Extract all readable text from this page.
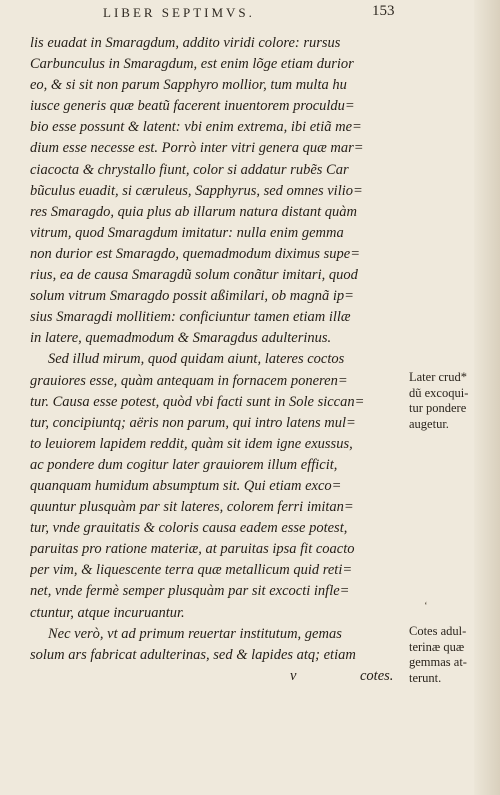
LIBER SEPTIMVS.	153
lis euadat in Smaragdum, addito viridi colore: rursus
Carbunculus in Smaragdum, est enim lõge etiam durior
eo, & si sit non parum Sapphyro mollior, tum multa hu
iusce generis quæ beatũ facerent inuentorem proculdu=
bio esse possunt & latent: vbi enim extrema, ibi etiã me=
dium esse necesse est. Porrò inter vitri genera quæ mar=
ciacocta & chrystallo fiunt, color si addatur rubẽs Car
bũculus euadit, si cæruleus, Sapphyrus, sed omnes vilio=
res Smaragdo, quia plus ab illarum natura distant quàm
vitrum, quod Smaragdum imitatur: nulla enim gemma
non durior est Smaragdo, quemadmodum diximus supe=
rius, ea de causa Smaragdũ solum conãtur imitari, quod
solum vitrum Smaragdo possit aßimilari, ob magnã ip=
sius Smaragdi mollitiem: conficiuntur tamen etiam illæ
in latere, quemadmodum & Smaragdus adulterinus.
Sed illud mirum, quod quidam aiunt, lateres coctos
grauiores esse, quàm antequam in fornacem poneren=
tur. Causa esse potest, quòd vbi facti sunt in Sole siccan=
tur, concipiuntq; aëris non parum, qui intro latens mul=
to leuiorem lapidem reddit, quàm sit idem igne exussus,
ac pondere dum cogitur later grauiorem illum efficit,
quanquam humidum absumptum sit. Qui etiam exco=
quuntur plusquàm par sit lateres, colorem ferri imitan=
tur, vnde grauitatis & coloris causa eadem esse potest,
paruitas pro ratione materiæ, at paruitas ipsa fit coacto
per vim, & liquescente terra quæ metallicum quid reti=
net, vnde fermè semper plusquàm par sit excocti infle=
ctuntur, atque incuruantur.
Nec verò, vt ad primum reuertar institutum, gemas
solum ars fabricat adulterinas, sed & lapides atq; etiam
v	cotes.
Later crud*
dũ excoqui-
tur pondere
augetur.
‘
Cotes adul-
terinæ quæ
gemmas at-
terunt.
